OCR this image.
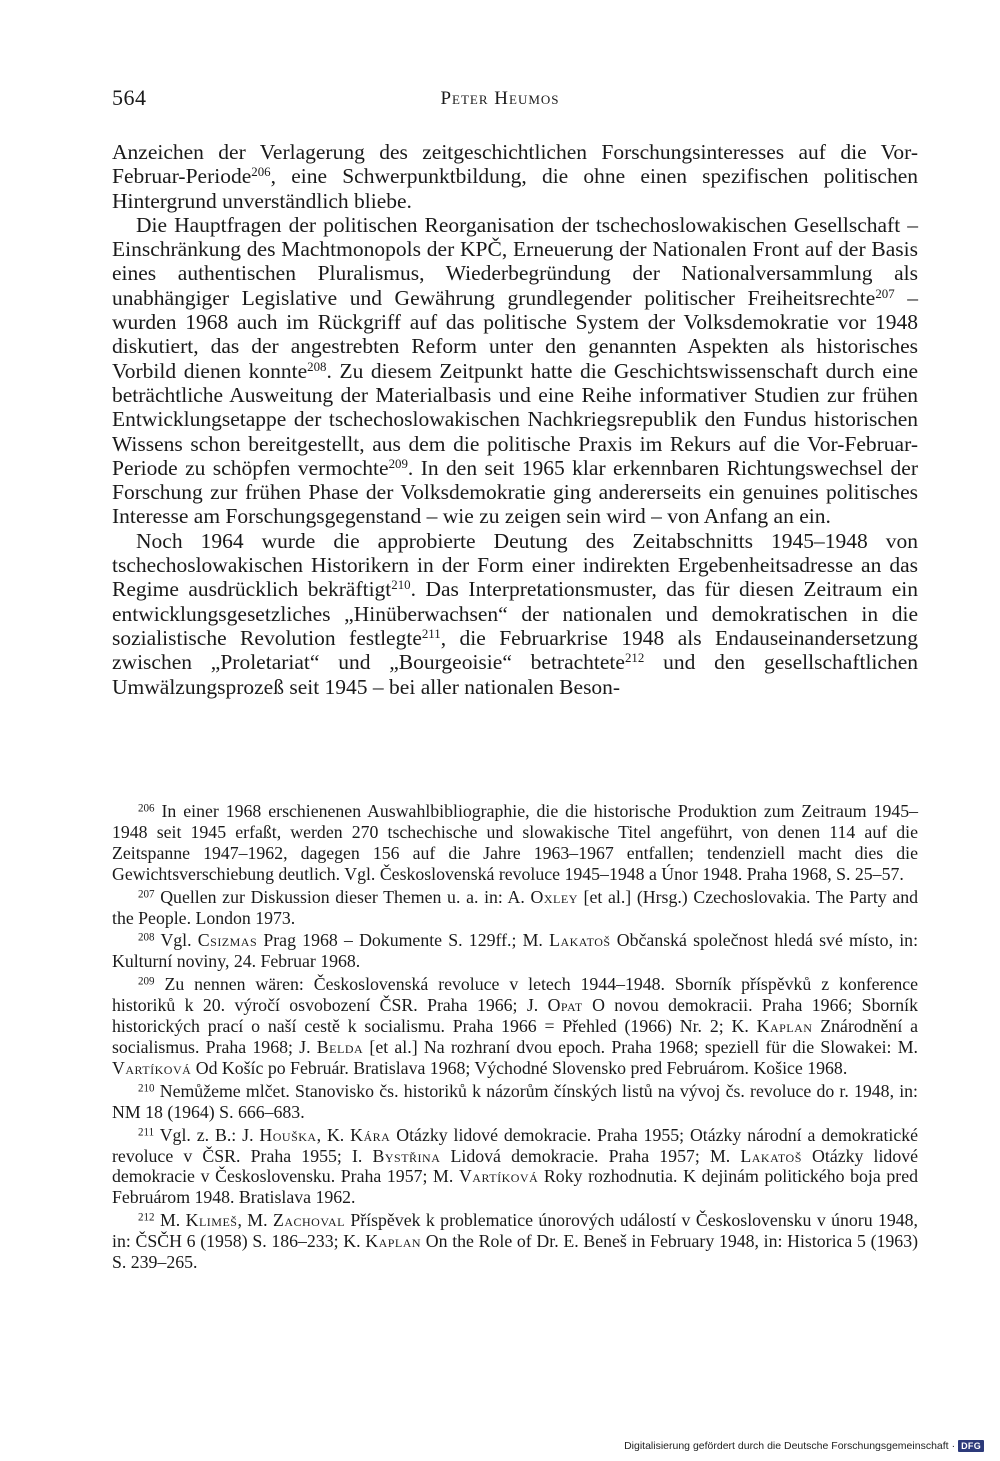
564	Peter Heumos

Anzeichen der Verlagerung des zeitgeschichtlichen Forschungsinteresses auf die Vor-Februar-Periode$^{206}$, eine Schwerpunktbildung, die ohne einen spezifischen politischen Hintergrund unverständlich bliebe.

Die Hauptfragen der politischen Reorganisation der tschechoslowakischen Gesellschaft – Einschränkung des Machtmonopols der KPČ, Erneuerung der Nationalen Front auf der Basis eines authentischen Pluralismus, Wiederbegründung der Nationalversammlung als unabhängiger Legislative und Gewährung grundlegender politischer Freiheitsrechte$^{207}$ – wurden 1968 auch im Rückgriff auf das politische System der Volksdemokratie vor 1948 diskutiert, das der angestrebten Reform unter den genannten Aspekten als historisches Vorbild dienen konnte$^{208}$. Zu diesem Zeitpunkt hatte die Geschichtswissenschaft durch eine beträchtliche Ausweitung der Materialbasis und eine Reihe informativer Studien zur frühen Entwicklungsetappe der tschechoslowakischen Nachkriegsrepublik den Fundus historischen Wissens schon bereitgestellt, aus dem die politische Praxis im Rekurs auf die Vor-Februar-Periode zu schöpfen vermochte$^{209}$. In den seit 1965 klar erkennbaren Richtungswechsel der Forschung zur frühen Phase der Volksdemokratie ging andererseits ein genuines politisches Interesse am Forschungsgegenstand – wie zu zeigen sein wird – von Anfang an ein.

Noch 1964 wurde die approbierte Deutung des Zeitabschnitts 1945–1948 von tschechoslowakischen Historikern in der Form einer indirekten Ergebenheitsadresse an das Regime ausdrücklich bekräftigt$^{210}$. Das Interpretationsmuster, das für diesen Zeitraum ein entwicklungsgesetzliches „Hinüberwachsen“ der nationalen und demokratischen in die sozialistische Revolution festlegte$^{211}$, die Februarkrise 1948 als Endauseinandersetzung zwischen „Proletariat“ und „Bourgeoisie“ betrachtete$^{212}$ und den gesellschaftlichen Umwälzungsprozeß seit 1945 – bei aller nationalen Beson-

$^{206}$ In einer 1968 erschienenen Auswahlbibliographie, die die historische Produktion zum Zeitraum 1945–1948 seit 1945 erfaßt, werden 270 tschechische und slowakische Titel angeführt, von denen 114 auf die Zeitspanne 1947–1962, dagegen 156 auf die Jahre 1963–1967 entfallen; tendenziell macht dies die Gewichtsverschiebung deutlich. Vgl. Československá revoluce 1945–1948 a Únor 1948. Praha 1968, S. 25–57.

$^{207}$ Quellen zur Diskussion dieser Themen u. a. in: A. Oxley [et al.] (Hrsg.) Czechoslovakia. The Party and the People. London 1973.

$^{208}$ Vgl. Csizmas Prag 1968 – Dokumente S. 129ff.; M. Lakatoš Občanská společnost hledá své místo, in: Kulturní noviny, 24. Februar 1968.

$^{209}$ Zu nennen wären: Československá revoluce v letech 1944–1948. Sborník příspěvků z konference historiků k 20. výročí osvobození ČSR. Praha 1966; J. Opat O novou demokracii. Praha 1966; Sborník historických prací o naší cestě k socialismu. Praha 1966 = Přehled (1966) Nr. 2; K. Kaplan Znárodnění a socialismus. Praha 1968; J. Belda [et al.] Na rozhraní dvou epoch. Praha 1968; speziell für die Slowakei: M. Vartíková Od Košíc po Február. Bratislava 1968; Východné Slovensko pred Februárom. Košice 1968.

$^{210}$ Nemůžeme mlčet. Stanovisko čs. historiků k názorům čínských listů na vývoj čs. revoluce do r. 1948, in: NM 18 (1964) S. 666–683.

$^{211}$ Vgl. z. B.: J. Houška, K. Kára Otázky lidové demokracie. Praha 1955; Otázky národní a demokratické revoluce v ČSR. Praha 1955; I. Bystřina Lidová demokracie. Praha 1957; M. Lakatoš Otázky lidové demokracie v Československu. Praha 1957; M. Vartíková Roky rozhodnutia. K dejinám politického boja pred Februárom 1948. Bratislava 1962.

$^{212}$ M. Klimeš, M. Zachoval Příspěvek k problematice únorových událostí v Československu v únoru 1948, in: ČSČH 6 (1958) S. 186–233; K. Kaplan On the Role of Dr. E. Beneš in February 1948, in: Historica 5 (1963) S. 239–265.

Digitalisierung gefördert durch die Deutsche Forschungsgemeinschaft · DFG
